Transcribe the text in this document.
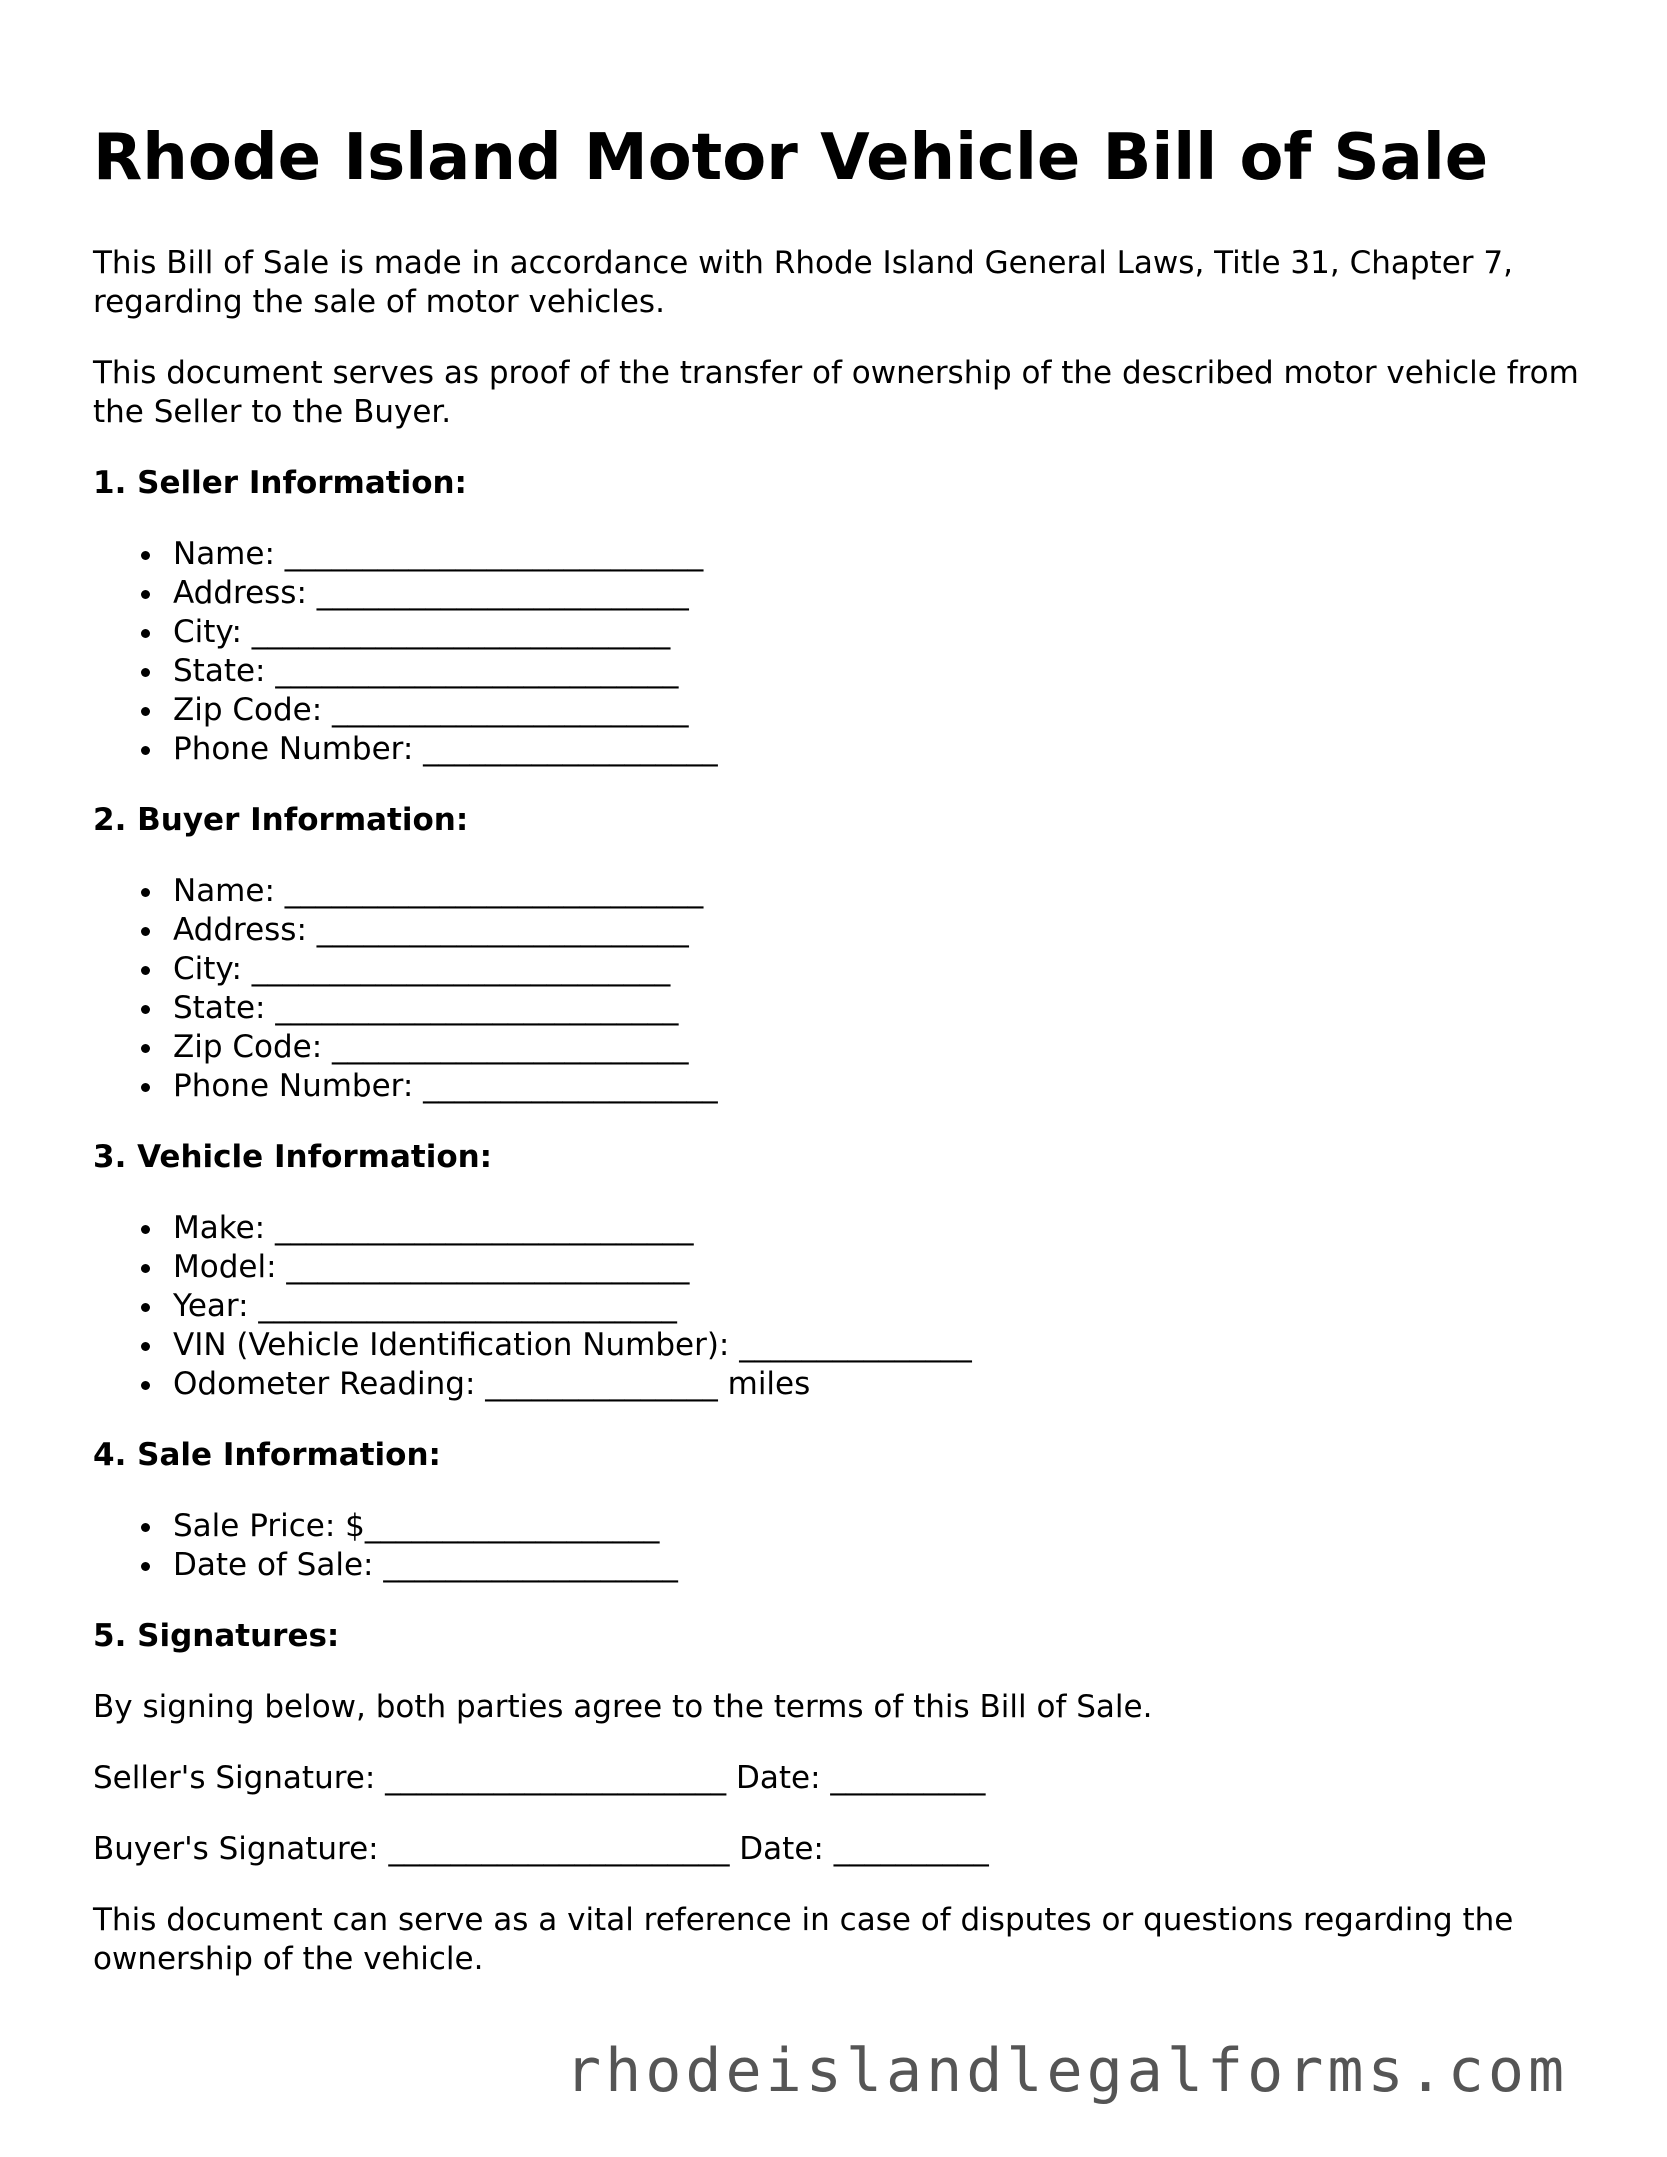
Rhode Island Motor Vehicle Bill of Sale

This Bill of Sale is made in accordance with Rhode Island General Laws, Title 31, Chapter 7, regarding the sale of motor vehicles.

This document serves as proof of the transfer of ownership of the described motor vehicle from the Seller to the Buyer.

1. Seller Information:
Name: ___________________________
Address: ________________________
City: ___________________________
State: __________________________
Zip Code: _______________________
Phone Number: ___________________
2. Buyer Information:
Name: ___________________________
Address: ________________________
City: ___________________________
State: __________________________
Zip Code: _______________________
Phone Number: ___________________
3. Vehicle Information:
Make: ___________________________
Model: __________________________
Year: ___________________________
VIN (Vehicle Identification Number): _______________
Odometer Reading: _______________ miles
4. Sale Information:
Sale Price: $___________________
Date of Sale: ___________________
5. Signatures:

By signing below, both parties agree to the terms of this Bill of Sale.

Seller's Signature: ______________________ Date: __________

Buyer's Signature: ______________________ Date: __________

This document can serve as a vital reference in case of disputes or questions regarding the ownership of the vehicle.

rhodeislandlegalforms.com
